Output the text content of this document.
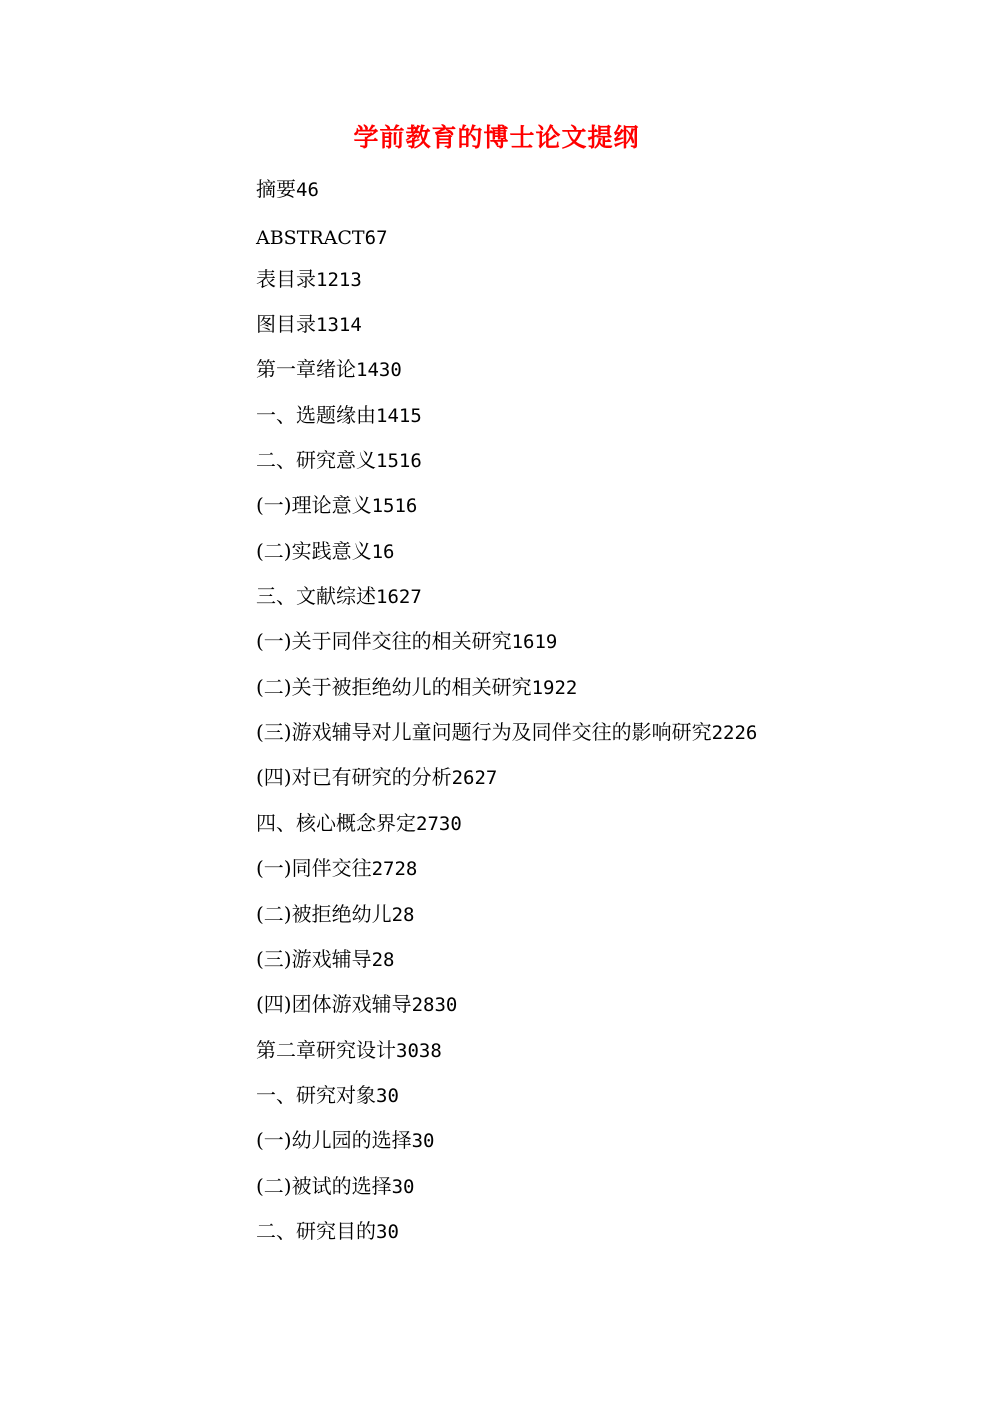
学前教育的博士论文提纲
摘要46
ABSTRACT67
表目录1213
图目录1314
第一章绪论1430
一、选题缘由1415
二、研究意义1516
(一)理论意义1516
(二)实践意义16
三、文献综述1627
(一)关于同伴交往的相关研究1619
(二)关于被拒绝幼儿的相关研究1922
(三)游戏辅导对儿童问题行为及同伴交往的影响研究2226
(四)对已有研究的分析2627
四、核心概念界定2730
(一)同伴交往2728
(二)被拒绝幼儿28
(三)游戏辅导28
(四)团体游戏辅导2830
第二章研究设计3038
一、研究对象30
(一)幼儿园的选择30
(二)被试的选择30
二、研究目的30
